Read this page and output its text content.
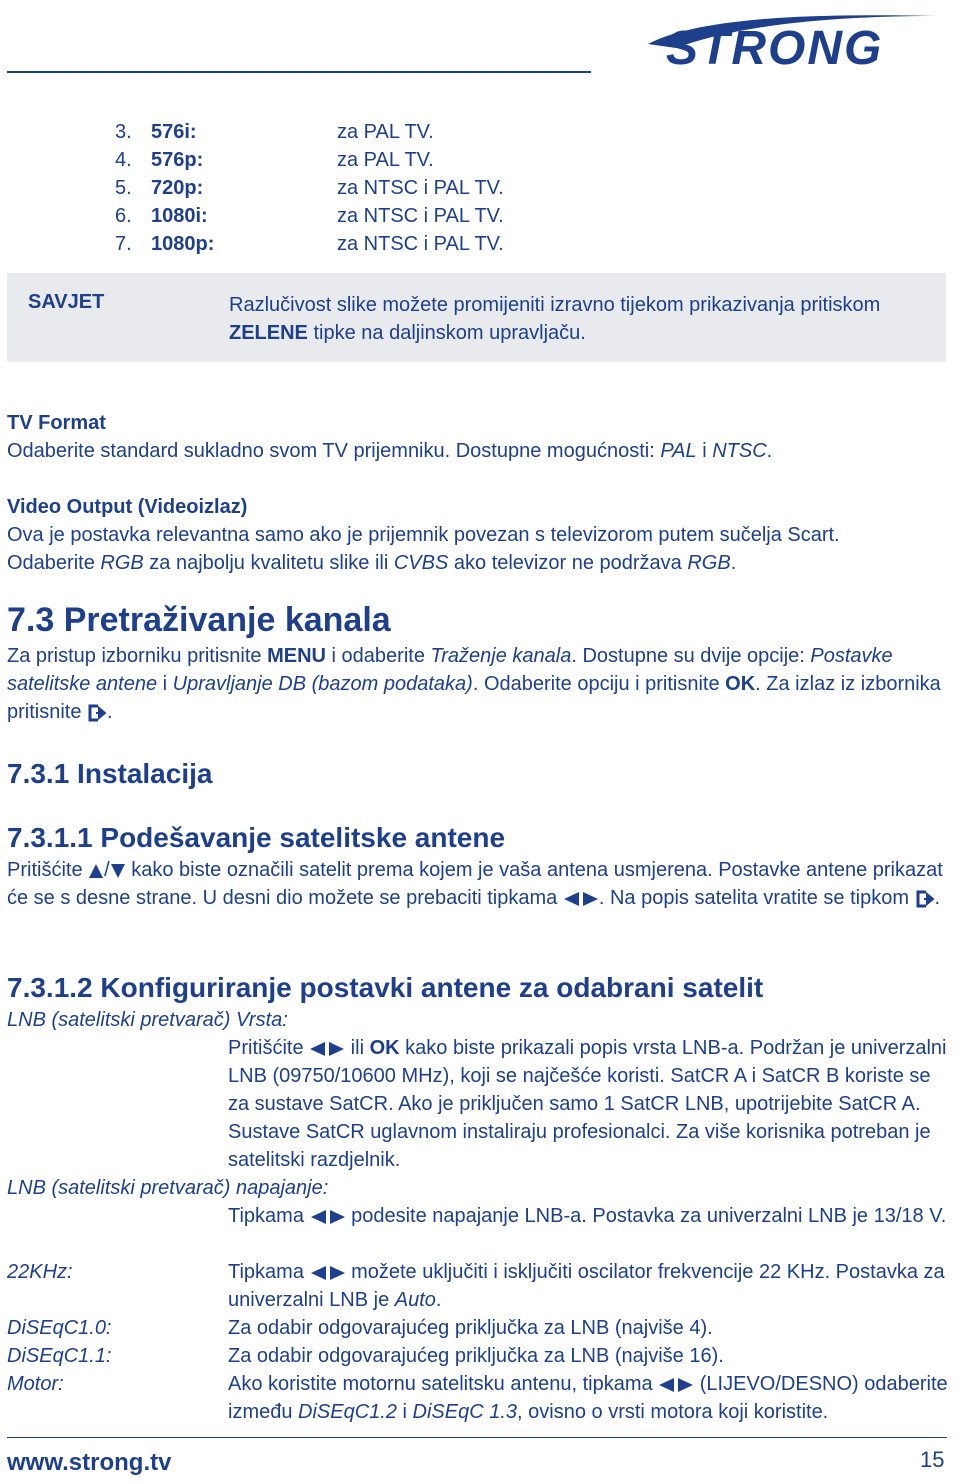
STRONG
3. 576i:	za PAL TV.
4. 576p:	za PAL TV.
5. 720p:	za NTSC i PAL TV.
6. 1080i:	za NTSC i PAL TV.
7. 1080p:	za NTSC i PAL TV.
SAVJET	Razlučivost slike možete promijeniti izravno tijekom prikazivanja pritiskom ZELENE tipke na daljinskom upravljaču.
TV Format
Odaberite standard sukladno svom TV prijemniku. Dostupne mogućnosti: PAL i NTSC.
Video Output (Videoizlaz)
Ova je postavka relevantna samo ako je prijemnik povezan s televizorom putem sučelja Scart.
Odaberite RGB za najbolju kvalitetu slike ili CVBS ako televizor ne podržava RGB.
7.3 Pretraživanje kanala
Za pristup izborniku pritisnite MENU i odaberite Traženje kanala. Dostupne su dvije opcije: Postavke satelitske antene i Upravljanje DB (bazom podataka). Odaberite opciju i pritisnite OK. Za izlaz iz izbornika pritisnite .
7.3.1 Instalacija
7.3.1.1 Podešavanje satelitske antene
Pritišćite / kako biste označili satelit prema kojem je vaša antena usmjerena. Postavke antene prikazat će se s desne strane. U desni dio možete se prebaciti tipkama . Na popis satelita vratite se tipkom .
7.3.1.2 Konfiguriranje postavki antene za odabrani satelit
LNB (satelitski pretvarač) Vrsta:
Pritišćite  ili OK kako biste prikazali popis vrsta LNB-a. Podržan je univerzalni LNB (09750/10600 MHz), koji se najčešće koristi. SatCR A i SatCR B koriste se za sustave SatCR. Ako je priključen samo 1 SatCR LNB, upotrijebite SatCR A. Sustave SatCR uglavnom instaliraju profesionalci. Za više korisnika potreban je satelitski razdjelnik.
LNB (satelitski pretvarač) napajanje:
Tipkama  podesite napajanje LNB-a. Postavka za univerzalni LNB je 13/18 V.
22KHz:	Tipkama  možete uključiti i isključiti oscilator frekvencije 22 KHz. Postavka za univerzalni LNB je Auto.
DiSEqC1.0:	Za odabir odgovarajućeg priključka za LNB (najviše 4).
DiSEqC1.1:	Za odabir odgovarajućeg priključka za LNB (najviše 16).
Motor:	Ako koristite motornu satelitsku antenu, tipkama  (LIJEVO/DESNO) odaberite između DiSEqC1.2 i DiSEqC 1.3, ovisno o vrsti motora koji koristite.
www.strong.tv	15
